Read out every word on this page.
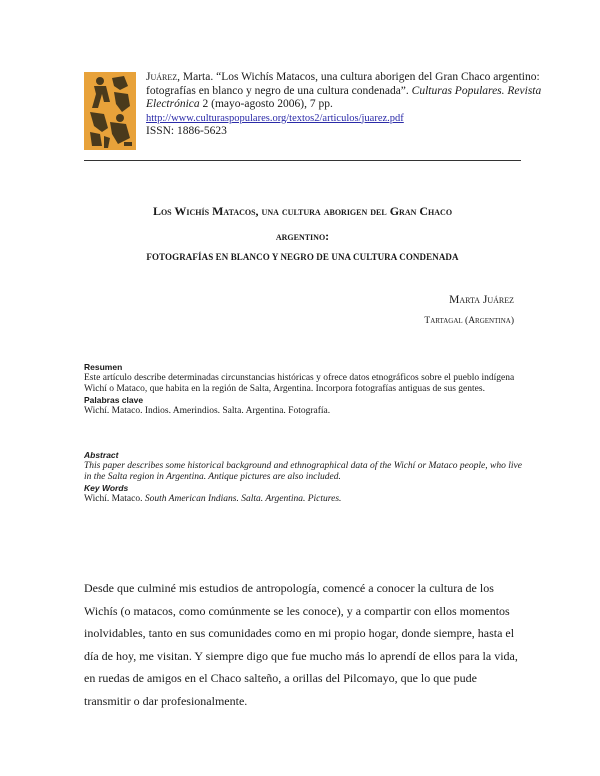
Juárez, Marta. “Los Wichís Matacos, una cultura aborigen del Gran Chaco argentino: fotografías en blanco y negro de una cultura condenada”. Culturas Populares. Revista Electrónica 2 (mayo-agosto 2006), 7 pp.
http://www.culturaspopulares.org/textos2/articulos/juarez.pdf
ISSN: 1886-5623
Los Wichís Matacos, una cultura aborigen del Gran Chaco
argentino:
FOTOGRAFÍAS EN BLANCO Y NEGRO DE UNA CULTURA CONDENADA
Marta Juárez
Tartagal (Argentina)
Resumen
Este artículo describe determinadas circunstancias históricas y ofrece datos etnográficos sobre el pueblo indígena Wichí o Mataco, que habita en la región de Salta, Argentina. Incorpora fotografías antiguas de sus gentes.
Palabras clave
Wichí. Mataco. Indios. Amerindios. Salta. Argentina. Fotografía.
Abstract
This paper describes some historical background and ethnographical data of the Wichí or Mataco people, who live in the Salta region in Argentina. Antique pictures are also included.
Key Words
Wichí. Mataco. South American Indians. Salta. Argentina. Pictures.
Desde que culminé mis estudios de antropología, comencé a conocer la cultura de los Wichís (o matacos, como comúnmente se les conoce), y a compartir con ellos momentos inolvidables, tanto en sus comunidades como en mi propio hogar, donde siempre, hasta el día de hoy, me visitan. Y siempre digo que fue mucho más lo aprendí de ellos para la vida, en ruedas de amigos en el Chaco salteño, a orillas del Pilcomayo, que lo que pude transmitir o dar profesionalmente.
